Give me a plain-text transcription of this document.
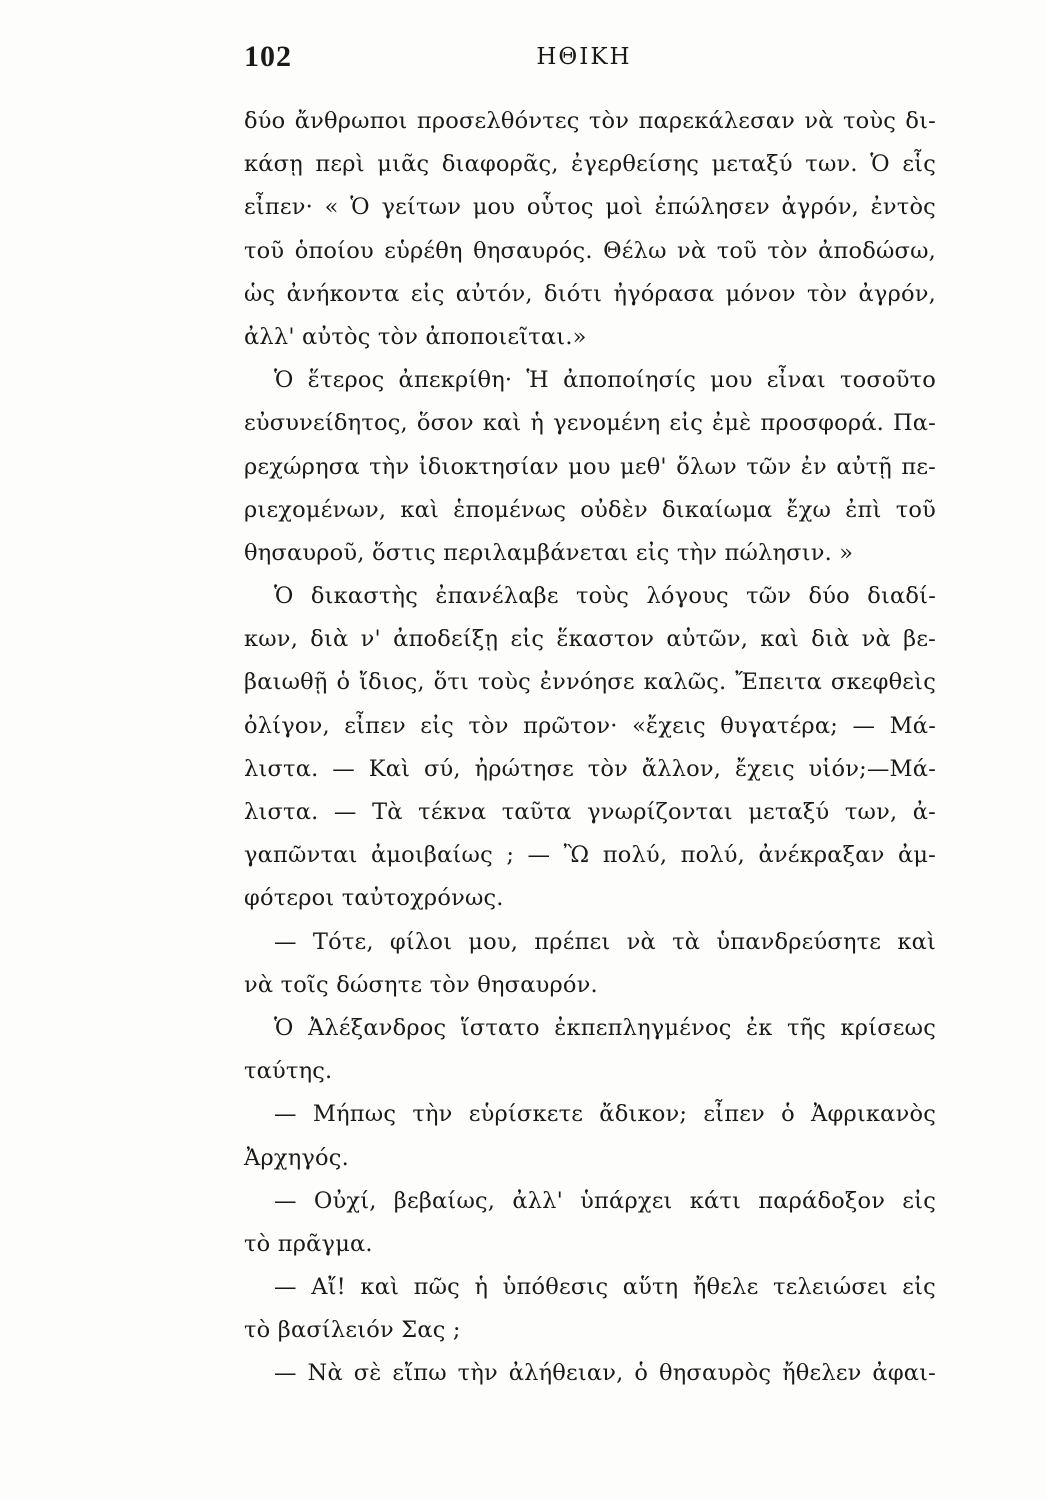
102	ΗΘΙΚΗ
δύο ἄνθρωποι προσελθόντες τὸν παρεκάλεσαν νὰ τοὺς δι-
κάσῃ περὶ μιᾶς διαφορᾶς, ἐγερθείσης μεταξύ των. Ὁ εἷς
εἶπεν· « Ὁ γείτων μου οὗτος μοὶ ἐπώλησεν ἀγρόν, ἐντὸς
τοῦ ὁποίου εὑρέθη θησαυρός. Θέλω νὰ τοῦ τὸν ἀποδώσω,
ὡς ἀνήκοντα εἰς αὐτόν, διότι ἠγόρασα μόνον τὸν ἀγρόν,
ἀλλ' αὐτὸς τὸν ἀποποιεῖται.»
Ὁ ἕτερος ἀπεκρίθη· Ἡ ἀποποίησίς μου εἶναι τοσοῦτο
εὐσυνείδητος, ὅσον καὶ ἡ γενομένη εἰς ἐμὲ προσφορά. Πα-
ρεχώρησα τὴν ἰδιοκτησίαν μου μεθ' ὅλων τῶν ἐν αὐτῇ πε-
ριεχομένων, καὶ ἑπομένως οὐδὲν δικαίωμα ἔχω ἐπὶ τοῦ
θησαυροῦ, ὅστις περιλαμβάνεται εἰς τὴν πώλησιν. »
Ὁ δικαστὴς ἐπανέλαβε τοὺς λόγους τῶν δύο διαδί-
κων, διὰ ν' ἀποδείξῃ εἰς ἕκαστον αὐτῶν, καὶ διὰ νὰ βε-
βαιωθῇ ὁ ἴδιος, ὅτι τοὺς ἐννόησε καλῶς. Ἔπειτα σκεφθεὶς
ὀλίγον, εἶπεν εἰς τὸν πρῶτον· «ἔχεις θυγατέρα; — Μά-
λιστα. — Καὶ σύ, ἠρώτησε τὸν ἄλλον, ἔχεις υἱόν;—Μά-
λιστα. — Τὰ τέκνα ταῦτα γνωρίζονται μεταξύ των, ἀ-
γαπῶνται ἀμοιβαίως ; — Ὢ πολύ, πολύ, ἀνέκραξαν ἀμ-
φότεροι ταὐτοχρόνως.
— Τότε, φίλοι μου, πρέπει νὰ τὰ ὑπανδρεύσητε καὶ
νὰ τοῖς δώσητε τὸν θησαυρόν.
Ὁ Ἀλέξανδρος ἵστατο ἐκπεπληγμένος ἐκ τῆς κρίσεως
ταύτης.
— Μήπως τὴν εὑρίσκετε ἄδικον; εἶπεν ὁ Ἀφρικανὸς
Ἀρχηγός.
— Οὐχί, βεβαίως, ἀλλ' ὑπάρχει κάτι παράδοξον εἰς
τὸ πρᾶγμα.
— Αἴ! καὶ πῶς ἡ ὑπόθεσις αὕτη ἤθελε τελειώσει εἰς
τὸ βασίλειόν Σας ;
— Νὰ σὲ εἴπω τὴν ἀλήθειαν, ὁ θησαυρὸς ἤθελεν ἀφαι-
